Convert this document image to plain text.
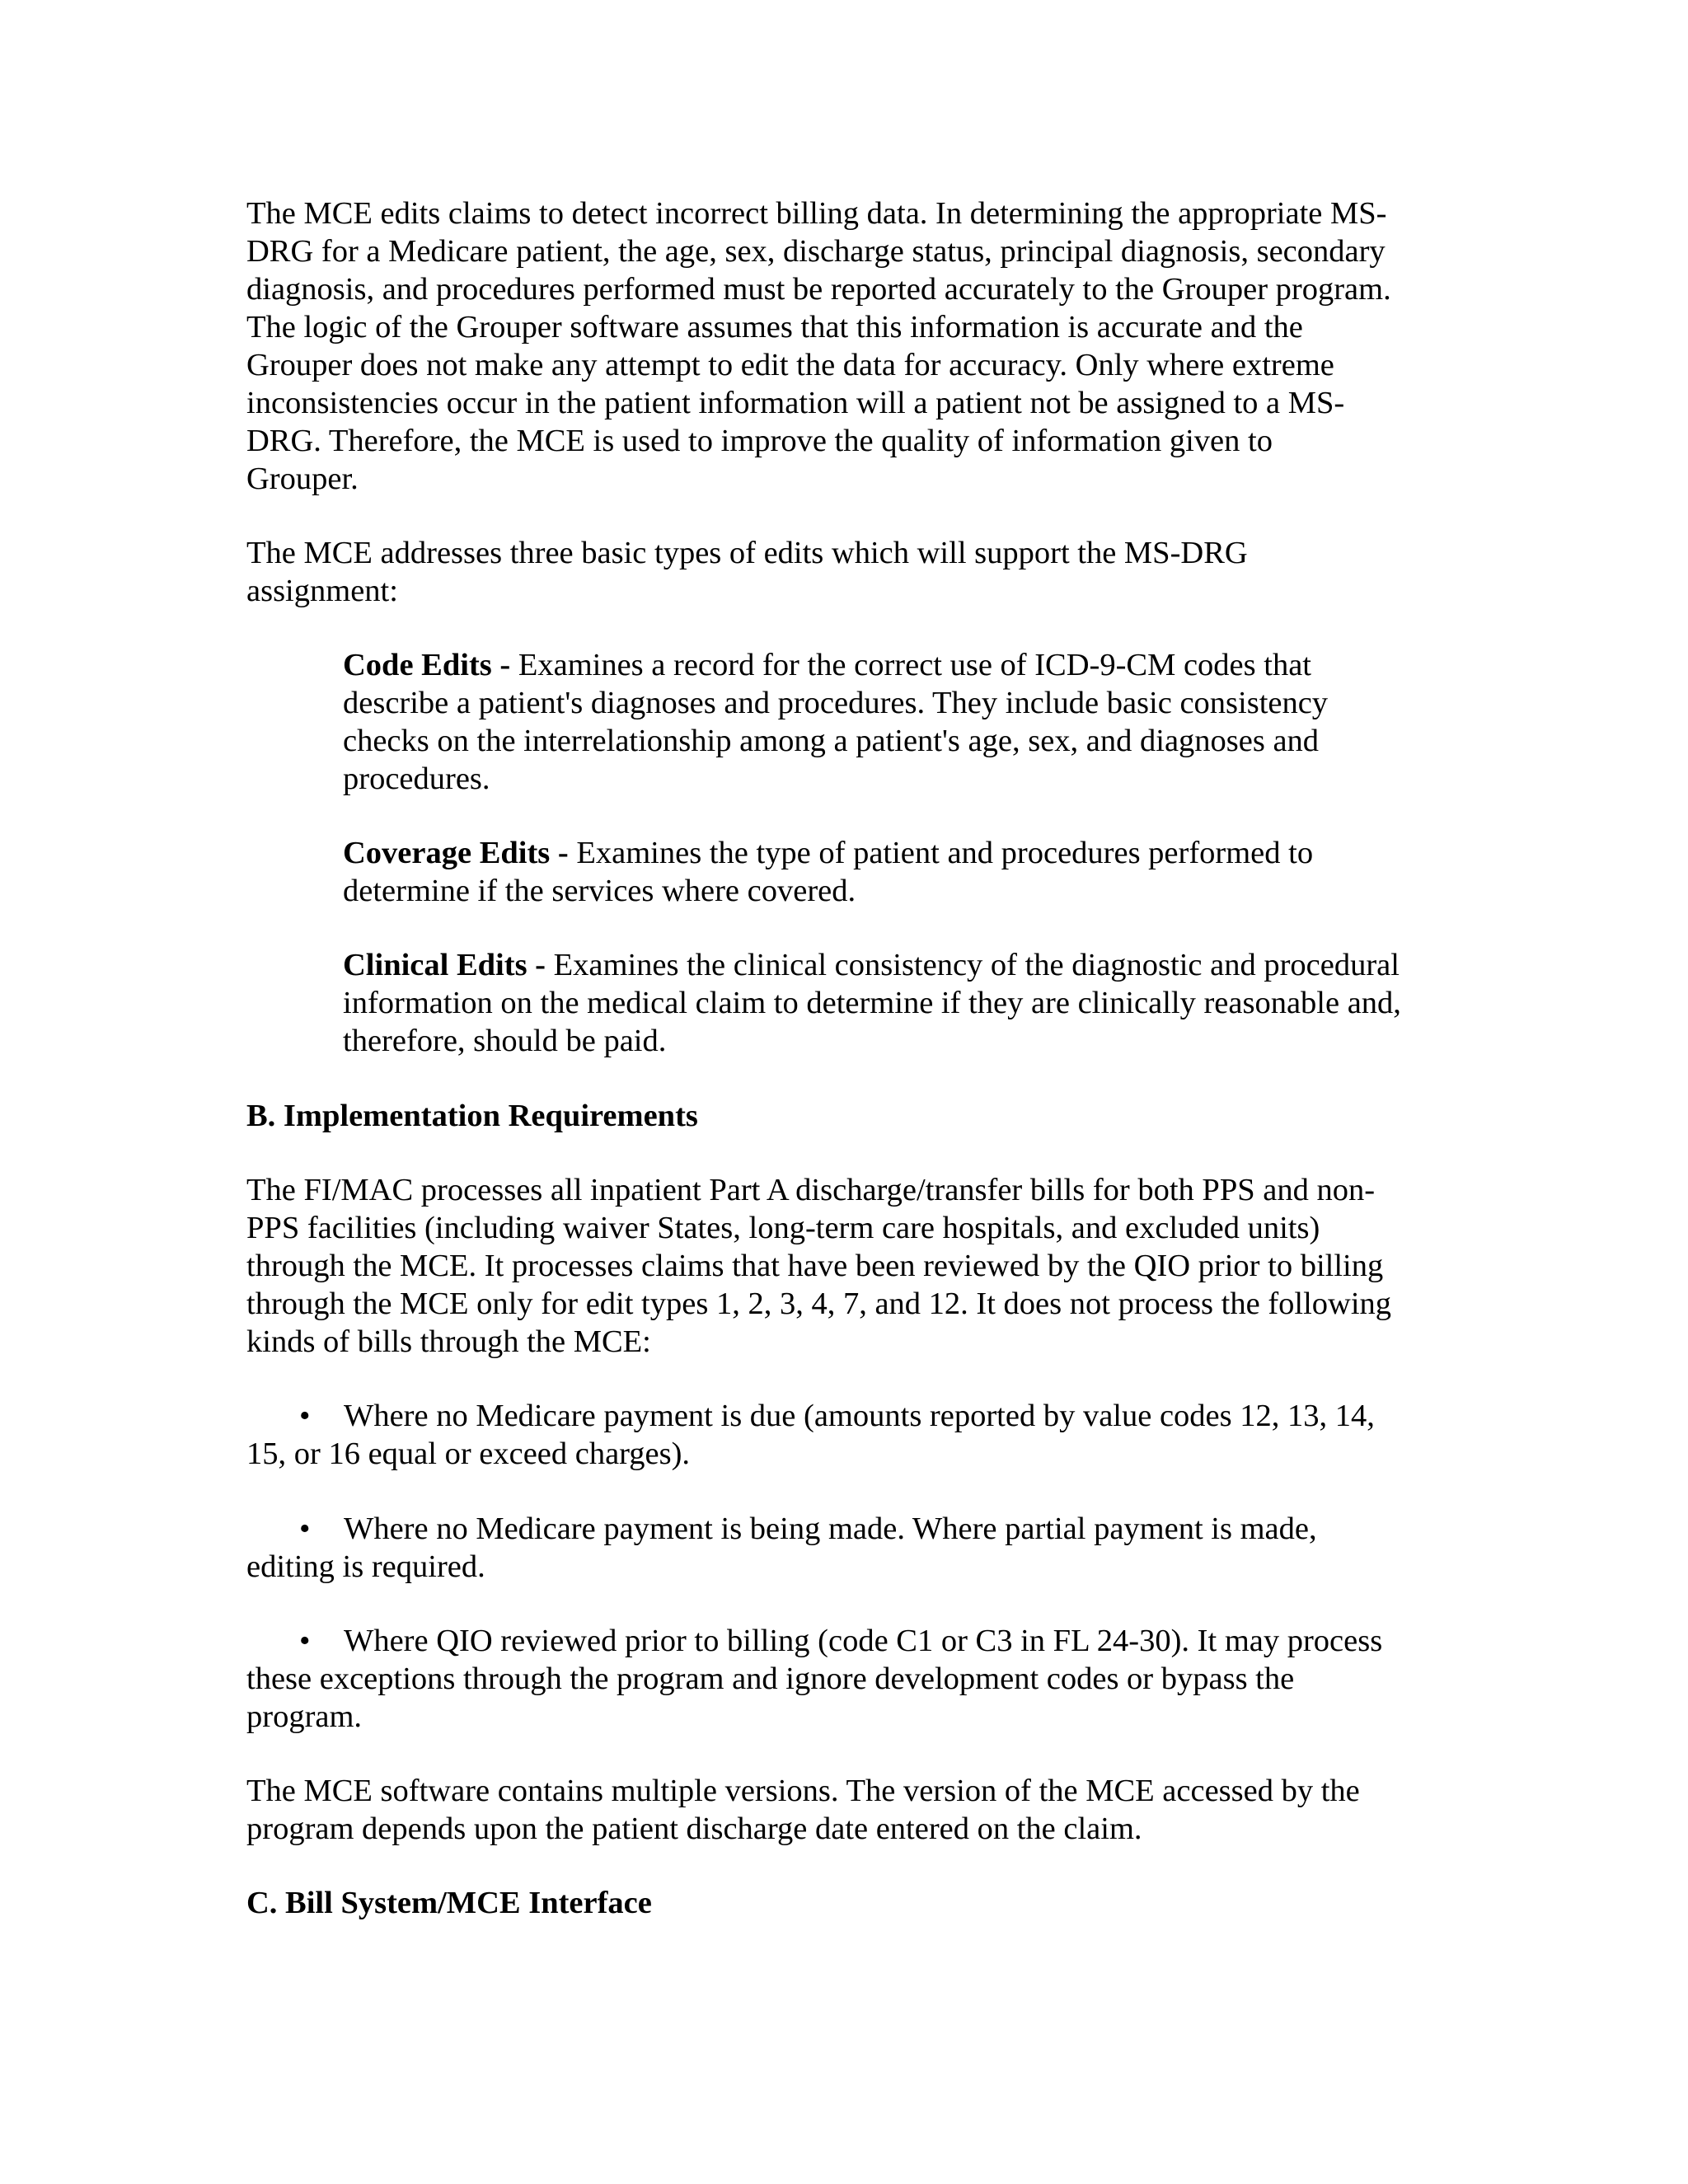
The MCE edits claims to detect incorrect billing data. In determining the appropriate MS-
DRG for a Medicare patient, the age, sex, discharge status, principal diagnosis, secondary
diagnosis, and procedures performed must be reported accurately to the Grouper program.
The logic of the Grouper software assumes that this information is accurate and the
Grouper does not make any attempt to edit the data for accuracy. Only where extreme
inconsistencies occur in the patient information will a patient not be assigned to a MS-
DRG. Therefore, the MCE is used to improve the quality of information given to
Grouper.

The MCE addresses three basic types of edits which will support the MS-DRG
assignment:

Code Edits - Examines a record for the correct use of ICD-9-CM codes that
describe a patient's diagnoses and procedures. They include basic consistency
checks on the interrelationship among a patient's age, sex, and diagnoses and
procedures.

Coverage Edits - Examines the type of patient and procedures performed to
determine if the services where covered.

Clinical Edits - Examines the clinical consistency of the diagnostic and procedural
information on the medical claim to determine if they are clinically reasonable and,
therefore, should be paid.

B. Implementation Requirements

The FI/MAC processes all inpatient Part A discharge/transfer bills for both PPS and non-
PPS facilities (including waiver States, long-term care hospitals, and excluded units)
through the MCE. It processes claims that have been reviewed by the QIO prior to billing
through the MCE only for edit types 1, 2, 3, 4, 7, and 12. It does not process the following
kinds of bills through the MCE:

• Where no Medicare payment is due (amounts reported by value codes 12, 13, 14,
15, or 16 equal or exceed charges).

• Where no Medicare payment is being made. Where partial payment is made,
editing is required.

• Where QIO reviewed prior to billing (code C1 or C3 in FL 24-30). It may process
these exceptions through the program and ignore development codes or bypass the
program.

The MCE software contains multiple versions. The version of the MCE accessed by the
program depends upon the patient discharge date entered on the claim.

C. Bill System/MCE Interface
